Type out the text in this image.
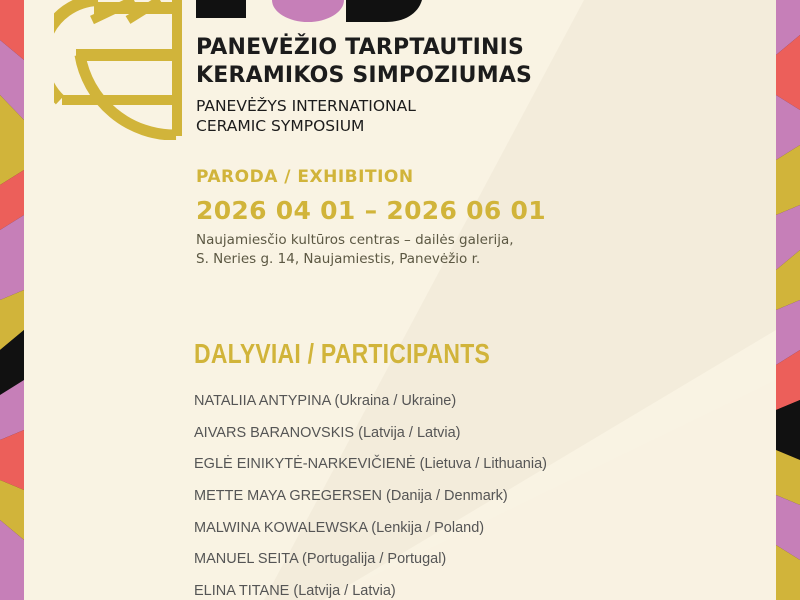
PANEVĖŽIO TARPTAUTINIS
KERAMIKOS SIMPOZIUMAS
PANEVĖŽYS INTERNATIONAL
CERAMIC SYMPOSIUM
PARODA / EXHIBITION
2026 04 01 – 2026 06 01
Naujamiesčio kultūros centras – dailės galerija,
S. Neries g. 14, Naujamiestis, Panevėžio r.
DALYVIAI / PARTICIPANTS
NATALIIA ANTYPINA (Ukraina / Ukraine)
AIVARS BARANOVSKIS (Latvija / Latvia)
EGLĖ EINIKYTĖ-NARKEVIČIENĖ (Lietuva / Lithuania)
METTE MAYA GREGERSEN (Danija / Denmark)
MALWINA KOWALEWSKA (Lenkija / Poland)
MANUEL SEITA (Portugalija / Portugal)
ELINA TITANE (Latvija / Latvia)
